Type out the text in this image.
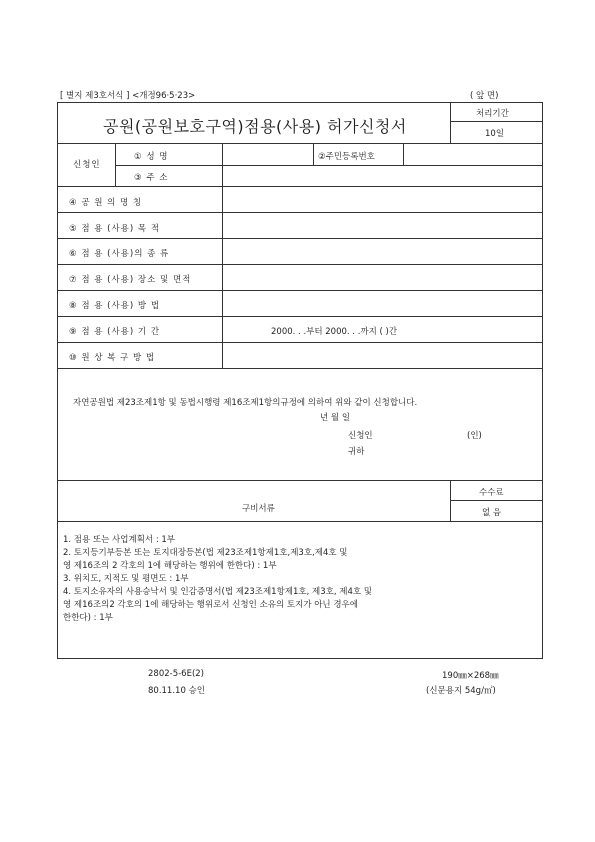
[ 별지 제3호서식 ] <개정96·5·23>	( 앞 면)
공원(공원보호구역)점용(사용) 허가신청서
처리기간
10일
신청인
① 성 명	②주민등록번호
③ 주 소
④ 공 원 의 명 칭
⑤ 점 용 (사용) 목 적
⑥ 점 용 (사용)의 종 류
⑦ 점 용 (사용) 장소 및 면적
⑧ 점 용 (사용) 방 법
⑨ 점 용 (사용) 기 간	2000. . .부터 2000. . .까지 ( )간
⑩ 원 상 복 구 방 법
자연공원법 제23조제1항 및 동법시행령 제16조제1항의규정에 의하여 위와 같이 신청합니다.
년 월 일
신청인	(인)
귀하
수수료
없 음
구비서류
1. 점용 또는 사업계획서 : 1부
2. 토지등기부등본 또는 토지대장등본(법 제23조제1항제1호,제3호,제4호 및
영 제16조의 2 각호의 1에 해당하는 행위에 한한다) : 1부
3. 위치도, 지적도 및 평면도 : 1부
4. 토지소유자의 사용승낙서 및 인감증명서(법 제23조제1항제1호, 제3호, 제4호 및
영 제16조의2 각호의 1에 해당하는 행위로서 신청인 소유의 토지가 아닌 경우에
한한다) : 1부
2802-5-6E(2)
80.11.10 승인
190㎜×268㎜
(신문용지 54g/㎡)
